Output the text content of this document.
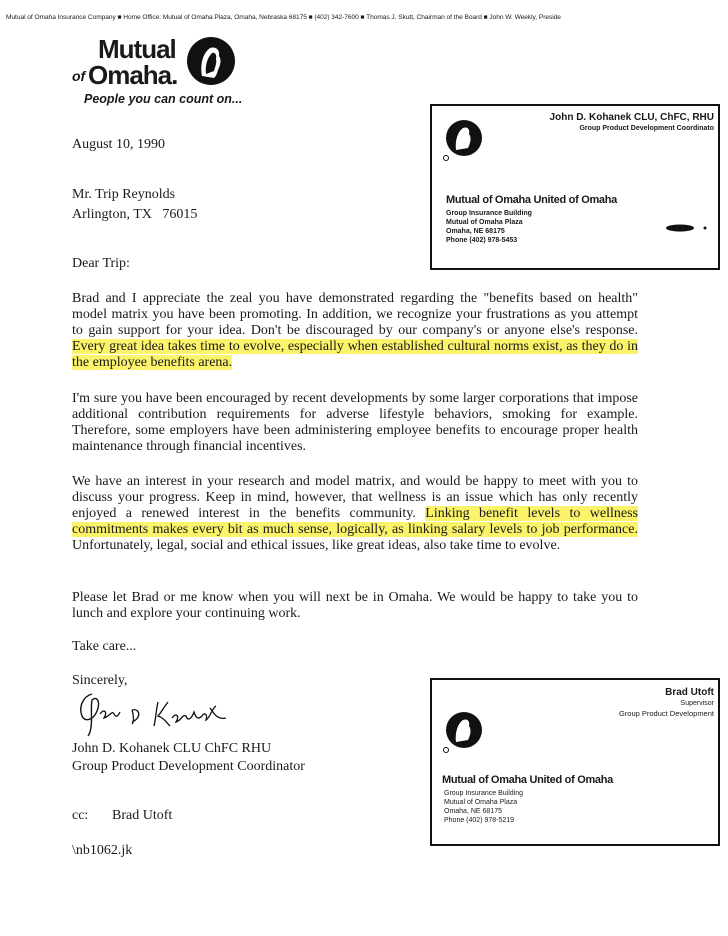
Mutual of Omaha Insurance Company ■ Home Office: Mutual of Omaha Plaza, Omaha, Nebraska 68175 ■ (402) 342-7600 ■ Thomas J. Skutt, Chairman of the Board ■ John W. Weekly, Preside
Mutual
of Omaha.
People you can count on...
August 10, 1990
Mr. Trip Reynolds
Arlington, TX   76015
Dear Trip:
Brad and I appreciate the zeal you have demonstrated regarding the "benefits based on health" model matrix you have been promoting. In addition, we recognize your frustrations as you attempt to gain support for your idea. Don't be discouraged by our company's or anyone else's response. Every great idea takes time to evolve, especially when established cultural norms exist, as they do in the employee benefits arena.
I'm sure you have been encouraged by recent developments by some larger corporations that impose additional contribution requirements for adverse lifestyle behaviors, smoking for example. Therefore, some employers have been administering employee benefits to encourage proper health maintenance through financial incentives.
We have an interest in your research and model matrix, and would be happy to meet with you to discuss your progress. Keep in mind, however, that wellness is an issue which has only recently enjoyed a renewed interest in the benefits community. Linking benefit levels to wellness commitments makes every bit as much sense, logically, as linking salary levels to job performance. Unfortunately, legal, social and ethical issues, like great ideas, also take time to evolve.
Please let Brad or me know when you will next be in Omaha. We would be happy to take you to lunch and explore your continuing work.
Take care...
Sincerely,
John D. Kohanek CLU ChFC RHU
Group Product Development Coordinator
cc: Brad Utoft
\nb1062.jk
John D. Kohanek CLU, ChFC, RHU
Group Product Development Coordinato
Mutual of Omaha United of Omaha
Group Insurance Building
Mutual of Omaha Plaza
Omaha, NE 68175
Phone (402) 978-5453
Brad Utoft
Supervisor
Group Product Development
Mutual of Omaha United of Omaha
Group Insurance Building
Mutual of Omaha Plaza
Omaha, NE 68175
Phone (402) 978-5219
